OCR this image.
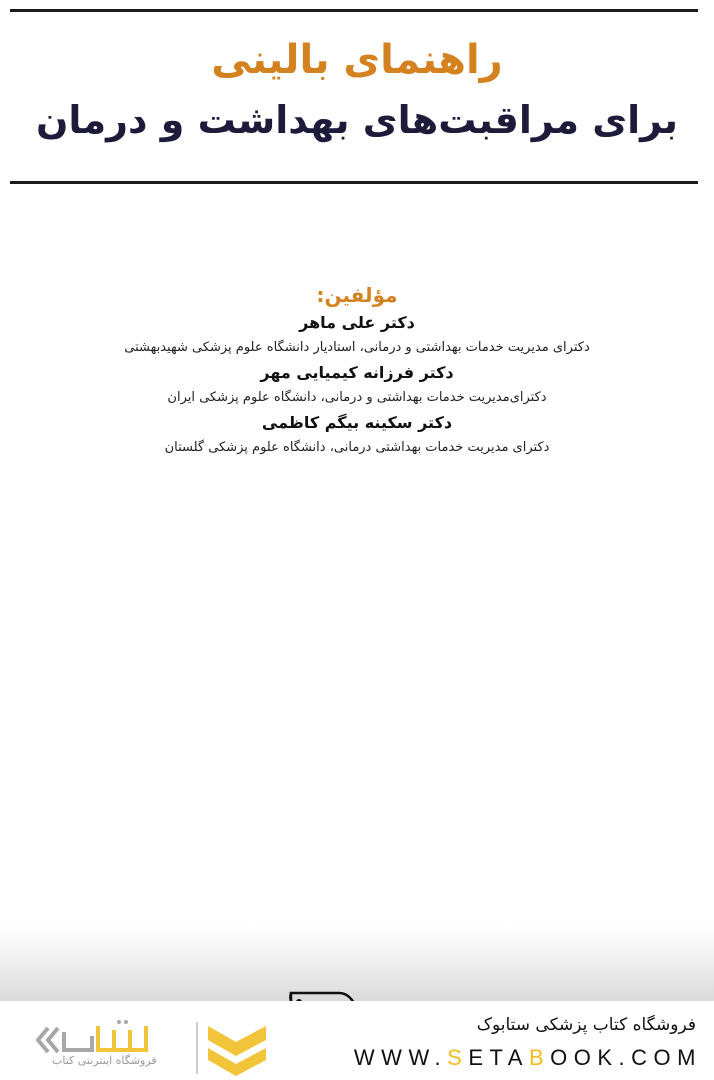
راهنمای بالینی
برای مراقبت‌های بهداشت و درمان
مؤلفین:
دکتر علی ماهر
دکترای مدیریت خدمات بهداشتی و درمانی، استادیار دانشگاه علوم پزشکی شهیدبهشتی
دکتر فرزانه کیمیایی مهر
دکترای‌مدیریت خدمات بهداشتی و درمانی، دانشگاه علوم پزشکی ایران
دکتر سکینه بیگم کاظمی
دکترای مدیریت خدمات بهداشتی درمانی، دانشگاه علوم پزشکی گلستان
فروشگاه کتاب پزشکی ستابوک
WWW.SETABOOK.COM
فروشگاه اینترنتی کتاب
